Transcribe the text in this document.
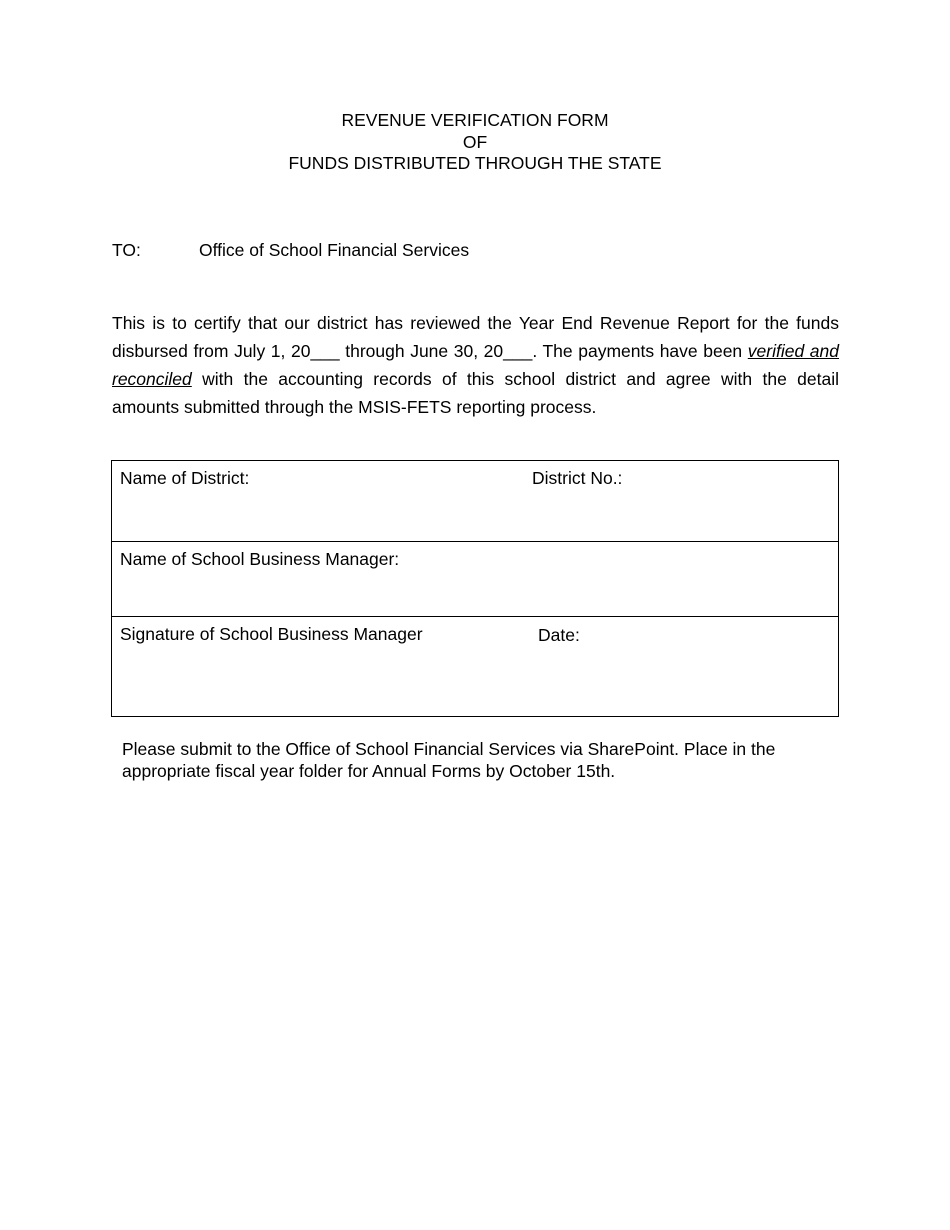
REVENUE VERIFICATION FORM
OF
FUNDS DISTRIBUTED THROUGH THE STATE
TO:	Office of School Financial Services
This is to certify that our district has reviewed the Year End Revenue Report for the funds disbursed from July 1, 20___ through June 30, 20___. The payments have been verified and reconciled with the accounting records of this school district and agree with the detail amounts submitted through the MSIS-FETS reporting process.
Name of District:	District No.:
Name of School Business Manager:
Signature of School Business Manager	Date:
Please submit to the Office of School Financial Services via SharePoint. Place in the appropriate fiscal year folder for Annual Forms by October 15th.
